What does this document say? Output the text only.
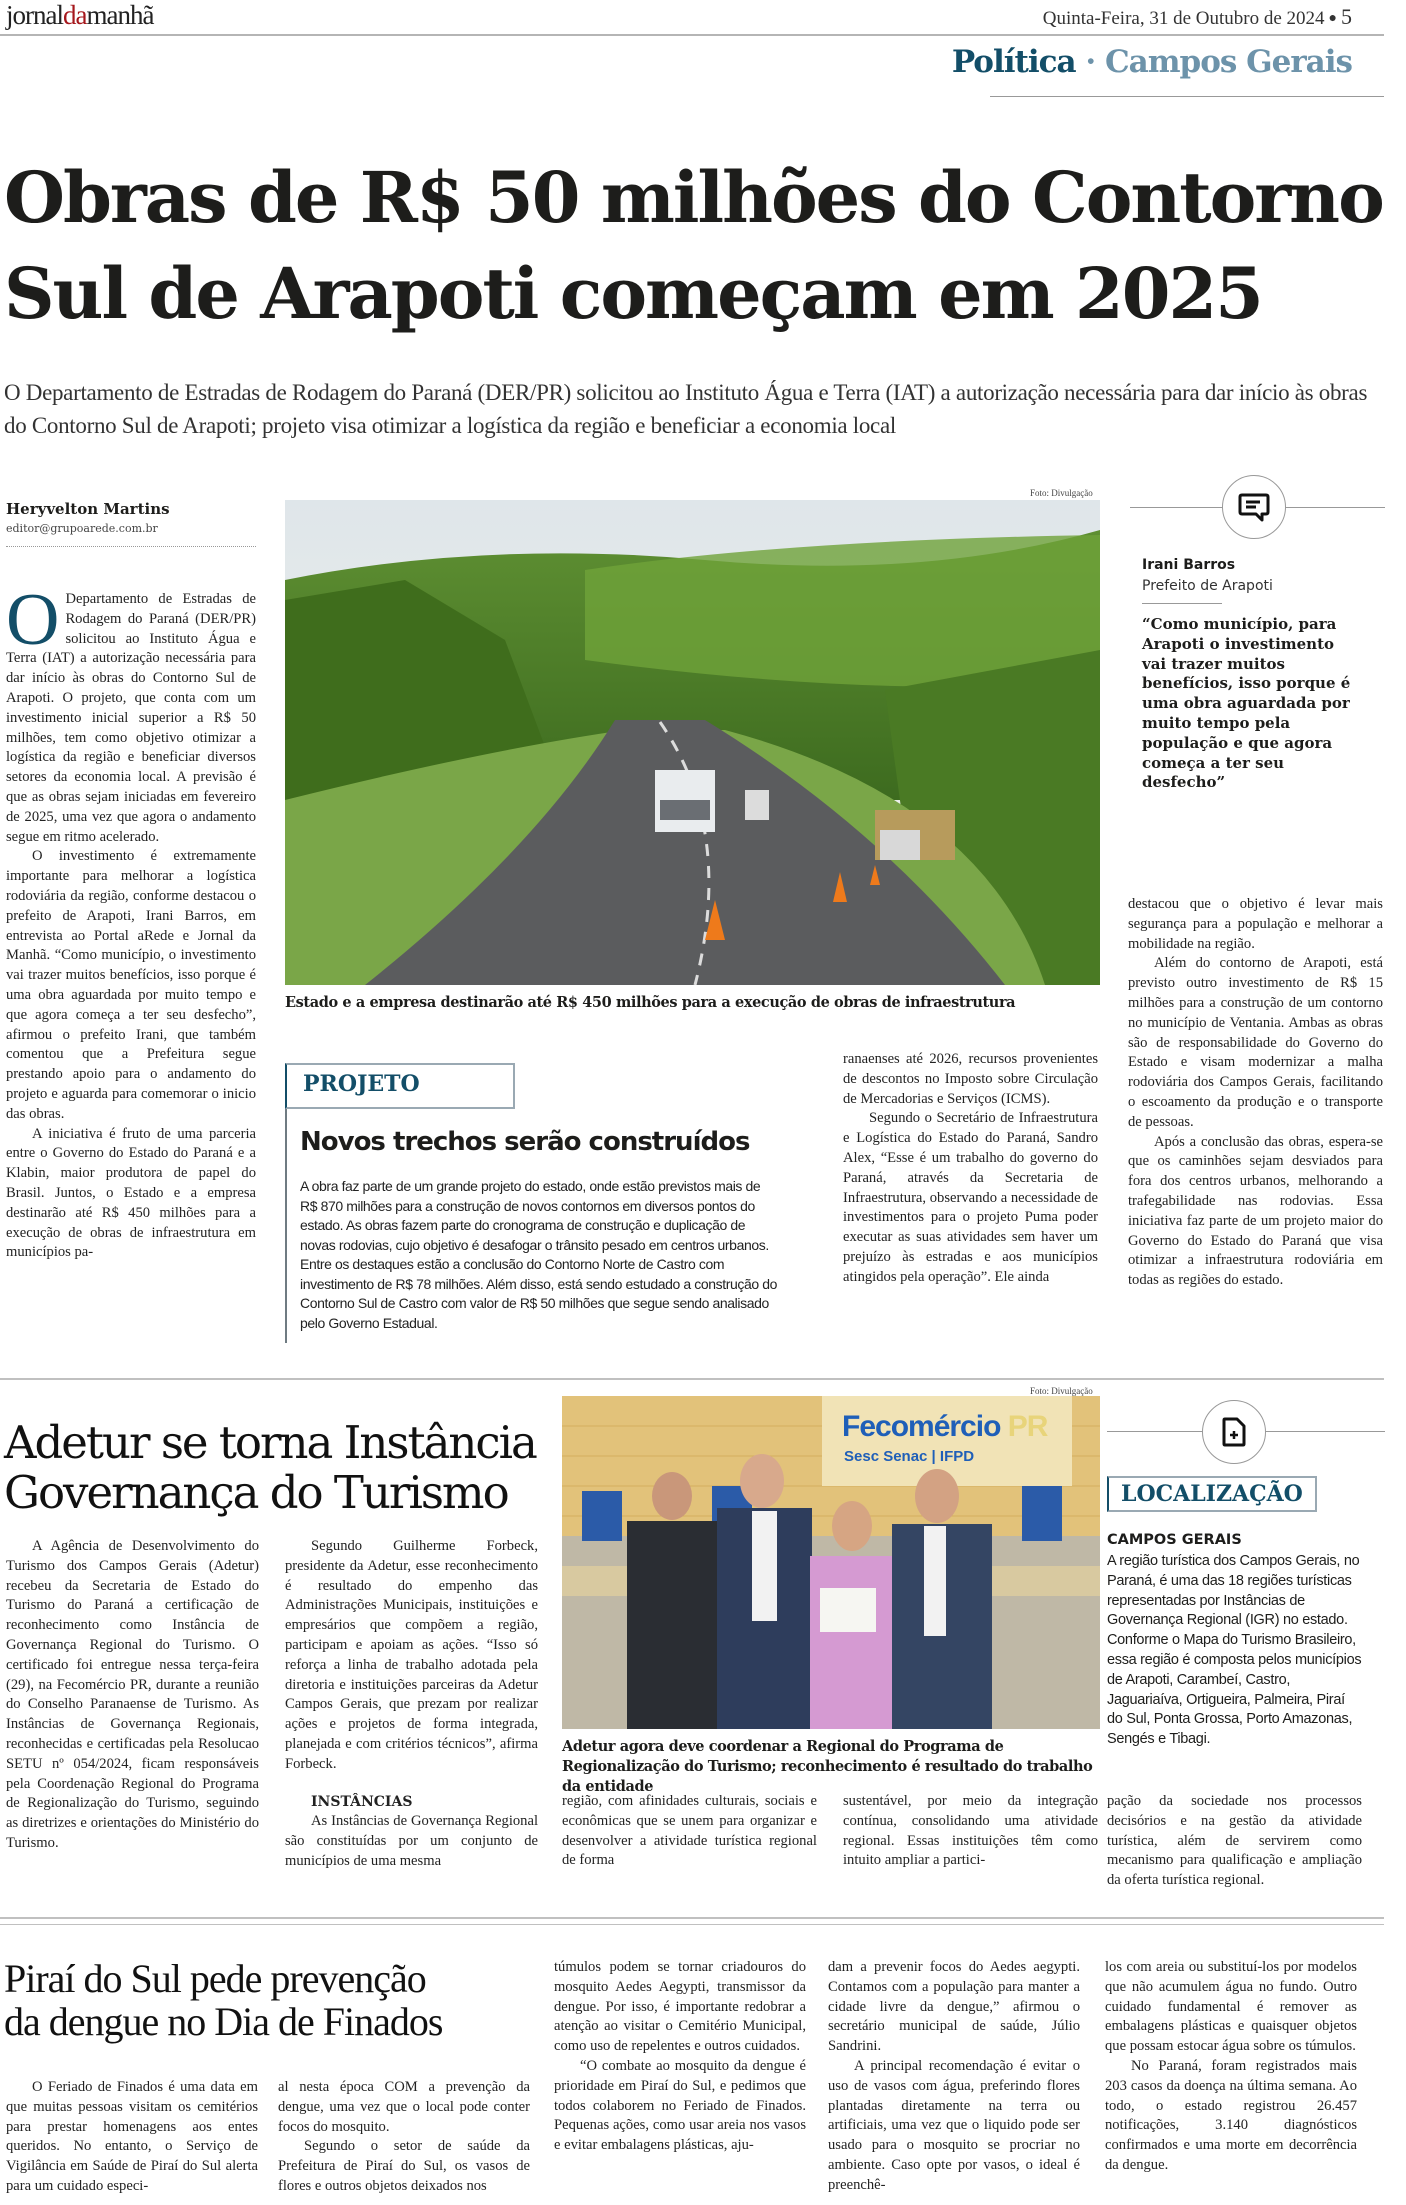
jornaldamanhã	Quinta-Feira, 31 de Outubro de 2024 ● 5
Política · Campos Gerais
Obras de R$ 50 milhões do Contorno
Sul de Arapoti começam em 2025
O Departamento de Estradas de Rodagem do Paraná (DER/PR) solicitou ao Instituto Água e Terra (IAT) a autorização necessária para dar início às obras do Contorno Sul de Arapoti; projeto visa otimizar a logística da região e beneficiar a economia local
Heryvelton Martins
editor@grupoarede.com.br

O Departamento de Estradas de Rodagem do Paraná (DER/PR) solicitou ao Instituto Água e Terra (IAT) a autorização necessária para dar início às obras do Contorno Sul de Arapoti. O projeto, que conta com um investimento inicial superior a R$ 50 milhões, tem como objetivo otimizar a logística da região e beneficiar diversos setores da economia local. A previsão é que as obras sejam iniciadas em fevereiro de 2025, uma vez que agora o andamento segue em ritmo acelerado.

O investimento é extremamente importante para melhorar a logística rodoviária da região, conforme destacou o prefeito de Arapoti, Irani Barros, em entrevista ao Portal aRede e Jornal da Manhã. “Como município, o investimento vai trazer muitos benefícios, isso porque é uma obra aguardada por muito tempo e que agora começa a ter seu desfecho”, afirmou o prefeito Irani, que também comentou que a Prefeitura segue prestando apoio para o andamento do projeto e aguarda para comemorar o inicio das obras.

A iniciativa é fruto de uma parceria entre o Governo do Estado do Paraná e a Klabin, maior produtora de papel do Brasil. Juntos, o Estado e a empresa destinarão até R$ 450 milhões para a execução de obras de infraestrutura em municípios pa-

Foto: Divulgação
Estado e a empresa destinarão até R$ 450 milhões para a execução de obras de infraestrutura
PROJETO
Novos trechos serão construídos
A obra faz parte de um grande projeto do estado, onde estão previstos mais de R$ 870 milhões para a construção de novos contornos em diversos pontos do estado. As obras fazem parte do cronograma de construção e duplicação de novas rodovias, cujo objetivo é desafogar o trânsito pesado em centros urbanos. Entre os destaques estão a conclusão do Contorno Norte de Castro com investimento de R$ 78 milhões. Além disso, está sendo estudado a construção do Contorno Sul de Castro com valor de R$ 50 milhões que segue sendo analisado pelo Governo Estadual.

ranaenses até 2026, recursos provenientes de descontos no Imposto sobre Circulação de Mercadorias e Serviços (ICMS).

Segundo o Secretário de Infraestrutura e Logística do Estado do Paraná, Sandro Alex, “Esse é um trabalho do governo do Paraná, através da Secretaria de Infraestrutura, observando a necessidade de investimentos para o projeto Puma poder executar as suas atividades sem haver um prejuízo às estradas e aos municípios atingidos pela operação”. Ele ainda

Irani Barros
Prefeito de Arapoti
“Como município, para Arapoti o investimento vai trazer muitos benefícios, isso porque é uma obra aguardada por muito tempo pela população e que agora começa a ter seu desfecho”

destacou que o objetivo é levar mais segurança para a população e melhorar a mobilidade na região.

Além do contorno de Arapoti, está previsto outro investimento de R$ 15 milhões para a construção de um contorno no município de Ventania. Ambas as obras são de responsabilidade do Governo do Estado e visam modernizar a malha rodoviária dos Campos Gerais, facilitando o escoamento da produção e o transporte de pessoas.

Após a conclusão das obras, espera-se que os caminhões sejam desviados para fora dos centros urbanos, melhorando a trafegabilidade nas rodovias. Essa iniciativa faz parte de um projeto maior do Governo do Estado do Paraná que visa otimizar a infraestrutura rodoviária em todas as regiões do estado.

Adetur se torna Instância
Governança do Turismo

A Agência de Desenvolvimento do Turismo dos Campos Gerais (Adetur) recebeu da Secretaria de Estado do Turismo do Paraná a certificação de reconhecimento como Instância de Governança Regional do Turismo. O certificado foi entregue nessa terça-feira (29), na Fecomércio PR, durante a reunião do Conselho Paranaense de Turismo. As Instâncias de Governança Regionais, reconhecidas e certificadas pela Resolucao SETU nº 054/2024, ficam responsáveis pela Coordenação Regional do Programa de Regionalização do Turismo, seguindo as diretrizes e orientações do Ministério do Turismo.

Segundo Guilherme Forbeck, presidente da Adetur, esse reconhecimento é resultado do empenho das Administrações Municipais, instituições e empresários que compõem a região, participam e apoiam as ações. “Isso só reforça a linha de trabalho adotada pela diretoria e instituições parceiras da Adetur Campos Gerais, que prezam por realizar ações e projetos de forma integrada, planejada e com critérios técnicos”, afirma Forbeck.

INSTÂNCIAS

As Instâncias de Governança Regional são constituídas por um conjunto de municípios de uma mesma

Foto: Divulgação
Fecomércio PR
Sesc Senac | IFPD
Adetur agora deve coordenar a Regional do Programa de Regionalização do Turismo; reconhecimento é resultado do trabalho da entidade

região, com afinidades culturais, sociais e econômicas que se unem para organizar e desenvolver a atividade turística regional de forma

sustentável, por meio da integração contínua, consolidando uma atividade regional. Essas instituições têm como intuito ampliar a partici-

LOCALIZAÇÃO
CAMPOS GERAIS
A região turística dos Campos Gerais, no Paraná, é uma das 18 regiões turísticas representadas por Instâncias de Governança Regional (IGR) no estado. Conforme o Mapa do Turismo Brasileiro, essa região é composta pelos municípios de Arapoti, Carambeí, Castro, Jaguariaíva, Ortigueira, Palmeira, Piraí do Sul, Ponta Grossa, Porto Amazonas, Sengés e Tibagi.

pação da sociedade nos processos decisórios e na gestão da atividade turística, além de servirem como mecanismo para qualificação e ampliação da oferta turística regional.

Piraí do Sul pede prevenção
da dengue no Dia de Finados

O Feriado de Finados é uma data em que muitas pessoas visitam os cemitérios para prestar homenagens aos entes queridos. No entanto, o Serviço de Vigilância em Saúde de Piraí do Sul alerta para um cuidado especi-

al nesta época COM a prevenção da dengue, uma vez que o local pode conter focos do mosquito.

Segundo o setor de saúde da Prefeitura de Piraí do Sul, os vasos de flores e outros objetos deixados nos

túmulos podem se tornar criadouros do mosquito Aedes Aegypti, transmissor da dengue. Por isso, é importante redobrar a atenção ao visitar o Cemitério Municipal, como uso de repelentes e outros cuidados.

“O combate ao mosquito da dengue é prioridade em Piraí do Sul, e pedimos que todos colaborem no Feriado de Finados. Pequenas ações, como usar areia nos vasos e evitar embalagens plásticas, aju-

dam a prevenir focos do Aedes aegypti. Contamos com a população para manter a cidade livre da dengue,” afirmou o secretário municipal de saúde, Júlio Sandrini.

A principal recomendação é evitar o uso de vasos com água, preferindo flores plantadas diretamente na terra ou artificiais, uma vez que o liquido pode ser usado para o mosquito se procriar no ambiente. Caso opte por vasos, o ideal é preenchê-

los com areia ou substituí-los por modelos que não acumulem água no fundo. Outro cuidado fundamental é remover as embalagens plásticas e quaisquer objetos que possam estocar água sobre os túmulos.

No Paraná, foram registrados mais 203 casos da doença na última semana. Ao todo, o estado registrou 26.457 notificações, 3.140 diagnósticos confirmados e uma morte em decorrência da dengue.
